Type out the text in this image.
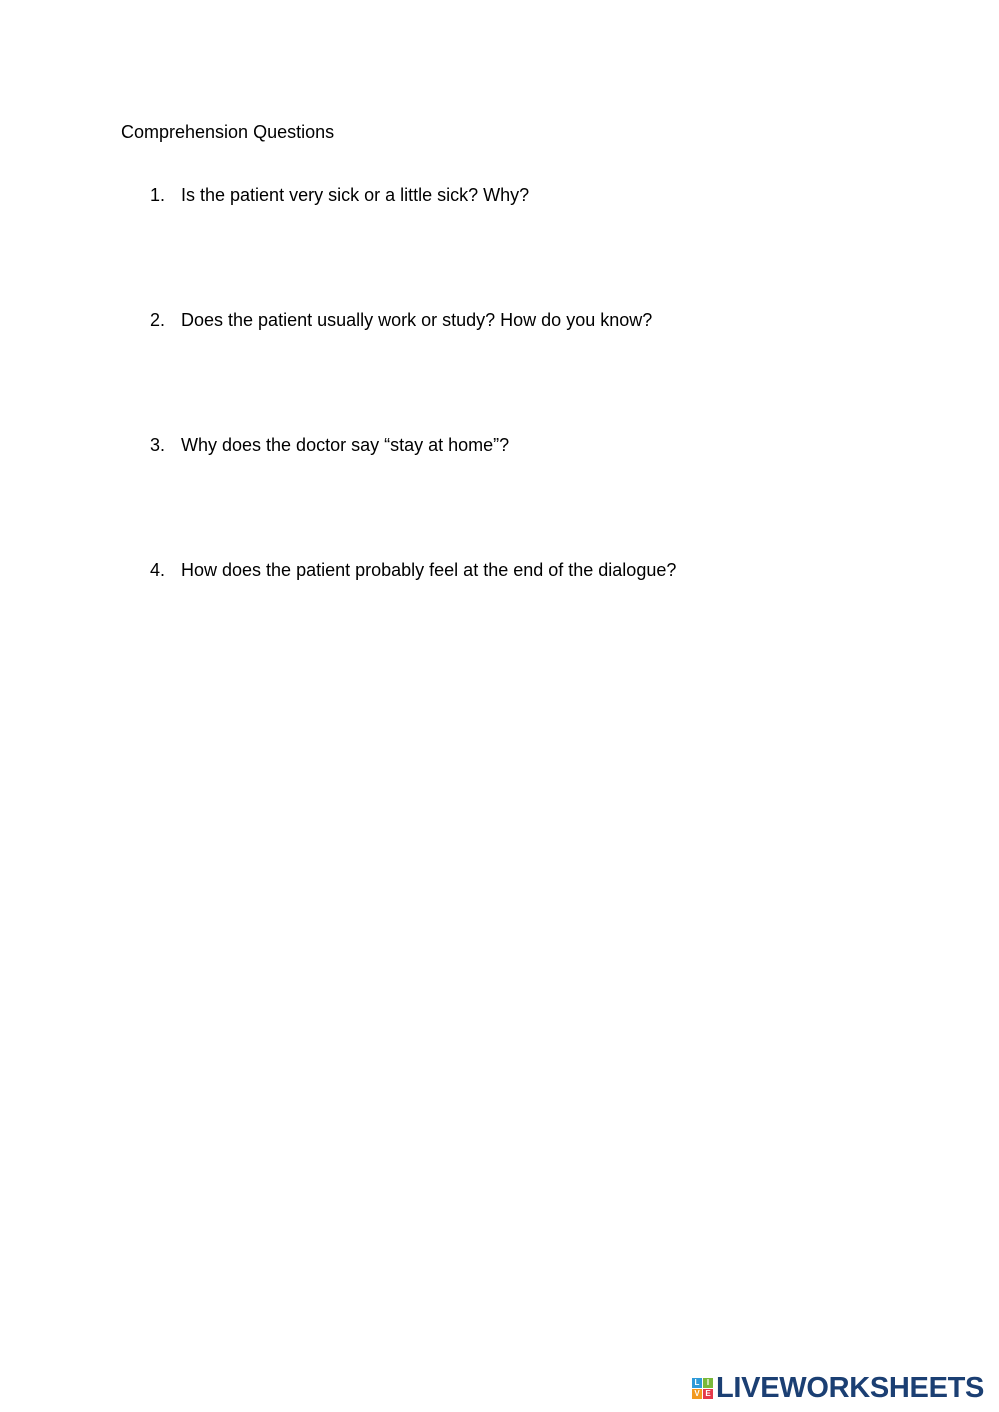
Comprehension Questions
1. Is the patient very sick or a little sick? Why?
2. Does the patient usually work or study? How do you know?
3. Why does the doctor say “stay at home”?
4. How does the patient probably feel at the end of the dialogue?
L I
V E LIVEWORKSHEETS
